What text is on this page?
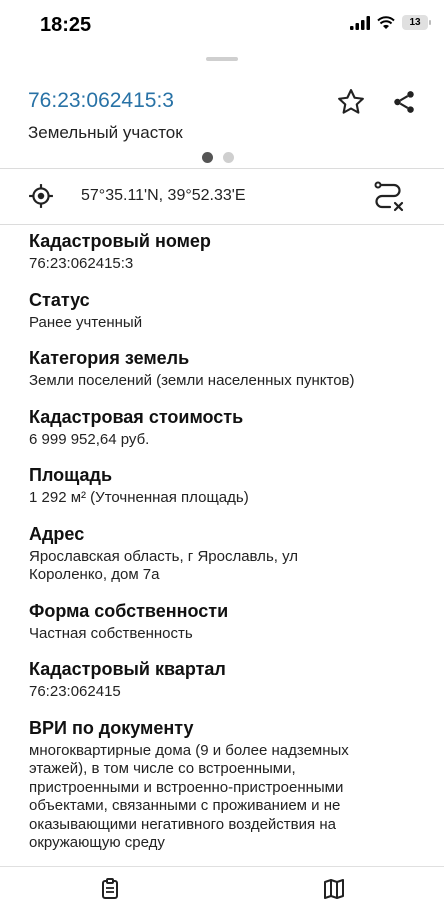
18:25	13
76:23:062415:3
Земельный участок
57°35.11'N, 39°52.33'E
Кадастровый номер
76:23:062415:3
Статус
Ранее учтенный
Категория земель
Земли поселений (земли населенных пунктов)
Кадастровая стоимость
6 999 952,64 руб.
Площадь
1 292 м² (Уточненная площадь)
Адрес
Ярославская область, г Ярославль, ул
Короленко, дом 7а
Форма собственности
Частная собственность
Кадастровый квартал
76:23:062415
ВРИ по документу
многоквартирные дома (9 и более надземных
этажей), в том числе со встроенными,
пристроенными и встроенно-пристроенными
объектами, связанными с проживанием и не
оказывающими негативного воздействия на
окружающую среду
